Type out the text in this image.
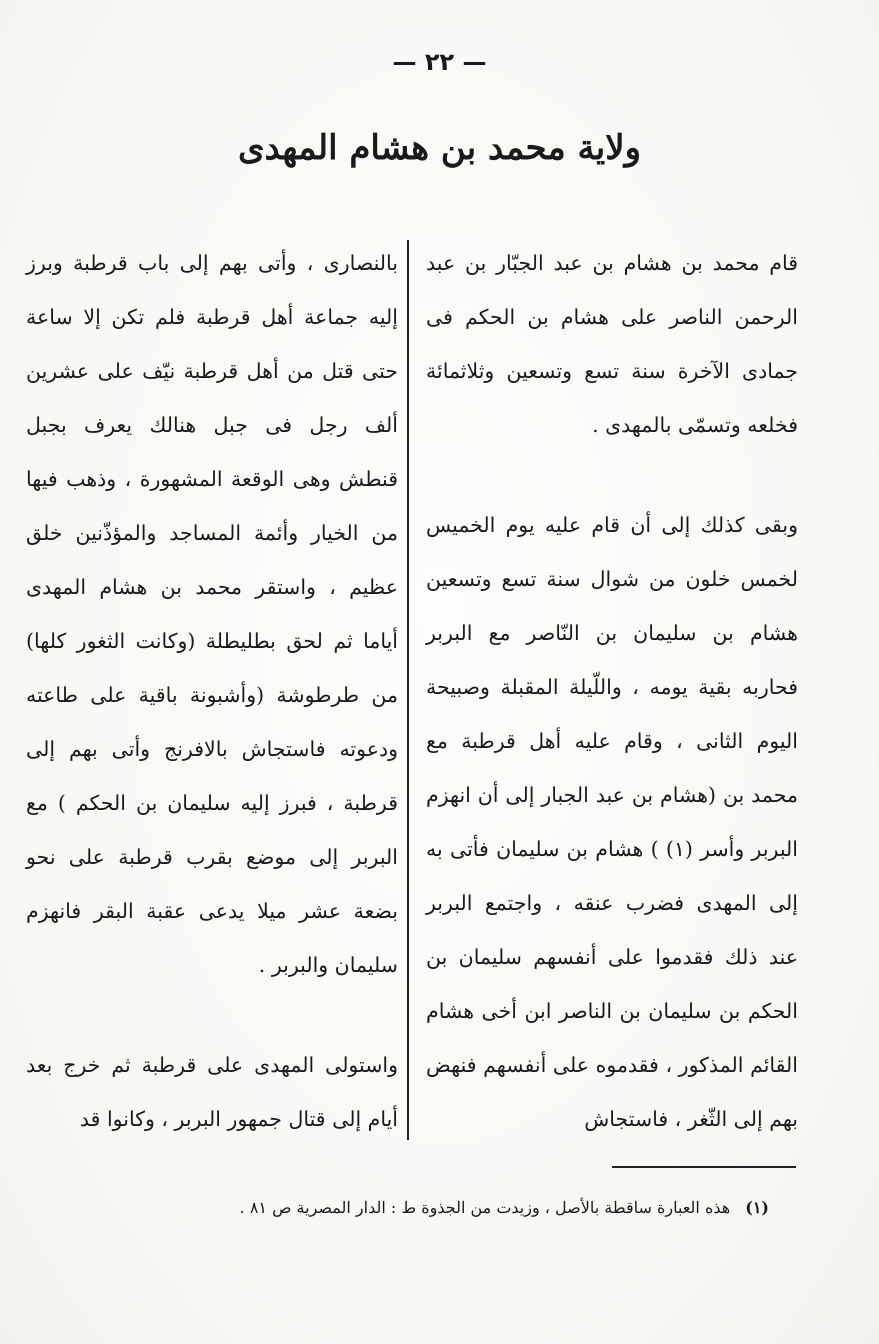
— ٢٢ —
ولاية محمد بن هشام المهدى

قام محمد بن هشام بن عبد الجبّار بن عبد الرحمن الناصر على هشام بن الحكم فى جمادى الآخرة سنة تسع وتسعين وثلاثمائة فخلعه وتسمّى بالمهدى .

وبقى كذلك إلى أن قام عليه يوم الخميس لخمس خلون من شوال سنة تسع وتسعين هشام بن سليمان بن النّاصر مع البربر فحاربه بقية يومه ، واللّيلة المقبلة وصبيحة اليوم الثانى ، وقام عليه أهل قرطبة مع محمد بن (هشام بن عبد الجبار إلى أن انهزم البربر وأسر (١) ) هشام بن سليمان فأتى به إلى المهدى فضرب عنقه ، واجتمع البربر عند ذلك فقدموا على أنفسهم سليمان بن الحكم بن سليمان بن الناصر ابن أخى هشام القائم المذكور ، فقدموه على أنفسهم فنهض بهم إلى الثّغر ، فاستجاش

بالنصارى ، وأتى بهم إلى باب قرطبة وبرز إليه جماعة أهل قرطبة فلم تكن إلا ساعة حتى قتل من أهل قرطبة نيّف على عشرين ألف رجل فى جبل هنالك يعرف بجبل قنطش وهى الوقعة المشهورة ، وذهب فيها من الخيار وأئمة المساجد والمؤذّنين خلق عظيم ، واستقر محمد بن هشام المهدى أياما ثم لحق بطليطلة (وكانت الثغور كلها) من طرطوشة (وأشبونة باقية على طاعته ودعوته فاستجاش بالافرنج وأتى بهم إلى قرطبة ، فبرز إليه سليمان بن الحكم ) مع البربر إلى موضع بقرب قرطبة على نحو بضعة عشر ميلا يدعى عقبة البقر فانهزم سليمان والبربر .

واستولى المهدى على قرطبة ثم خرج بعد أيام إلى قتال جمهور البربر ، وكانوا قد

(١) هذه العبارة ساقطة بالأصل ، وزيدت من الجذوة ط : الدار المصرية ص ٨١ .
